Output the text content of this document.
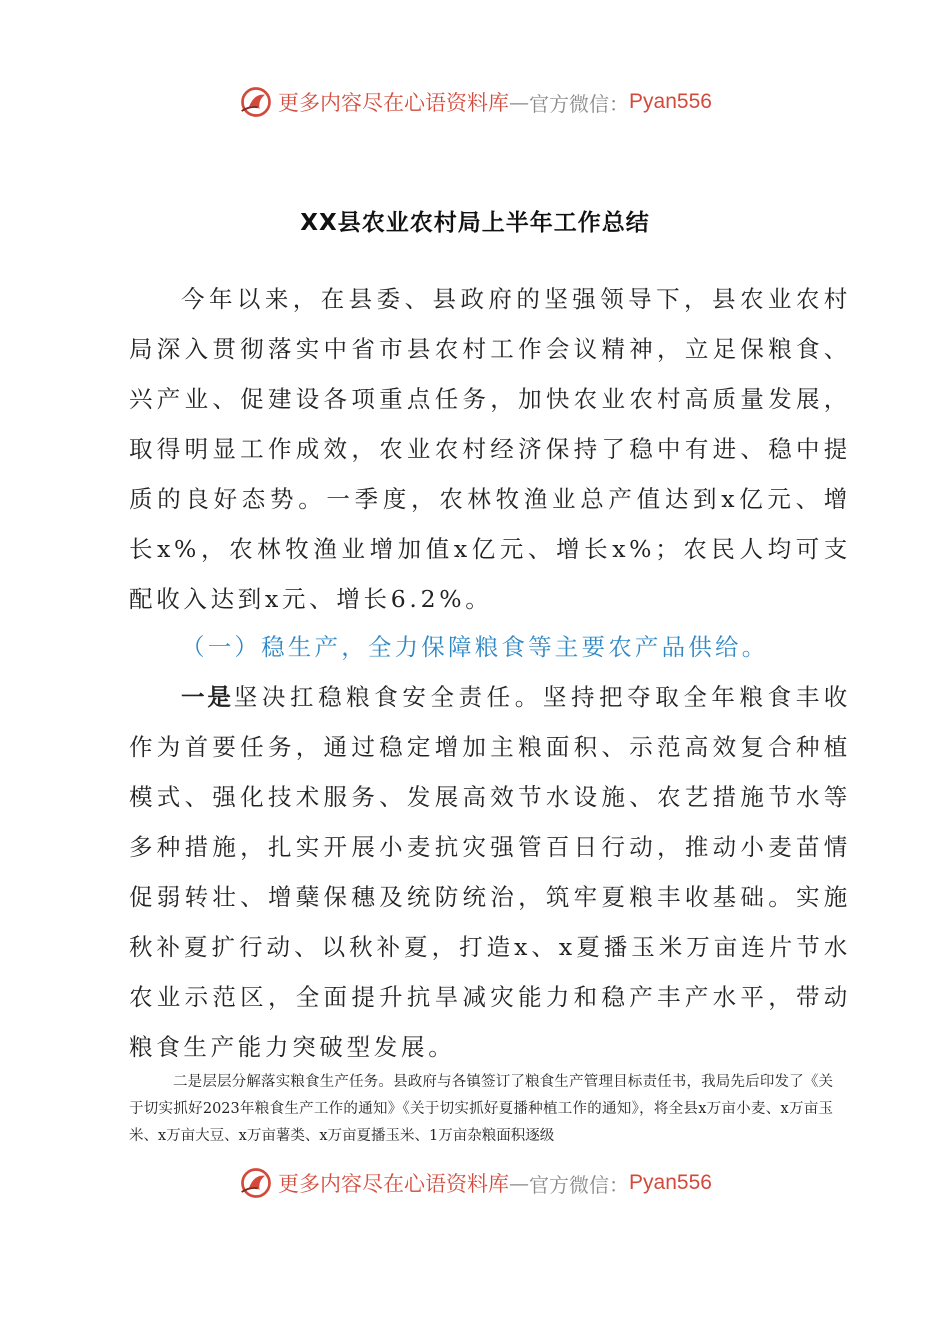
更多内容尽在心语资料库 — 官方微信： Pyan556
XX县农业农村局上半年工作总结
今年以来，在县委、县政府的坚强领导下，县农业农村局深入贯彻落实中省市县农村工作会议精神，立足保粮食、兴产业、促建设各项重点任务，加快农业农村高质量发展，取得明显工作成效，农业农村经济保持了稳中有进、稳中提质的良好态势。一季度，农林牧渔业总产值达到x亿元、增长x%，农林牧渔业增加值x亿元、增长x%；农民人均可支配收入达到x元、增长6.2%。
（一）稳生产，全力保障粮食等主要农产品供给。
一是坚决扛稳粮食安全责任。坚持把夺取全年粮食丰收作为首要任务，通过稳定增加主粮面积、示范高效复合种植模式、强化技术服务、发展高效节水设施、农艺措施节水等多种措施，扎实开展小麦抗灾强管百日行动，推动小麦苗情促弱转壮、增蘖保穗及统防统治，筑牢夏粮丰收基础。实施秋补夏扩行动、以秋补夏，打造x、x夏播玉米万亩连片节水农业示范区，全面提升抗旱减灾能力和稳产丰产水平，带动粮食生产能力突破型发展。
二是层层分解落实粮食生产任务。县政府与各镇签订了粮食生产管理目标责任书，我局先后印发了《关于切实抓好2023年粮食生产工作的通知》《关于切实抓好夏播种植工作的通知》，将全县x万亩小麦、x万亩玉米、x万亩大豆、x万亩薯类、x万亩夏播玉米、1万亩杂粮面积逐级
更多内容尽在心语资料库 — 官方微信： Pyan556
